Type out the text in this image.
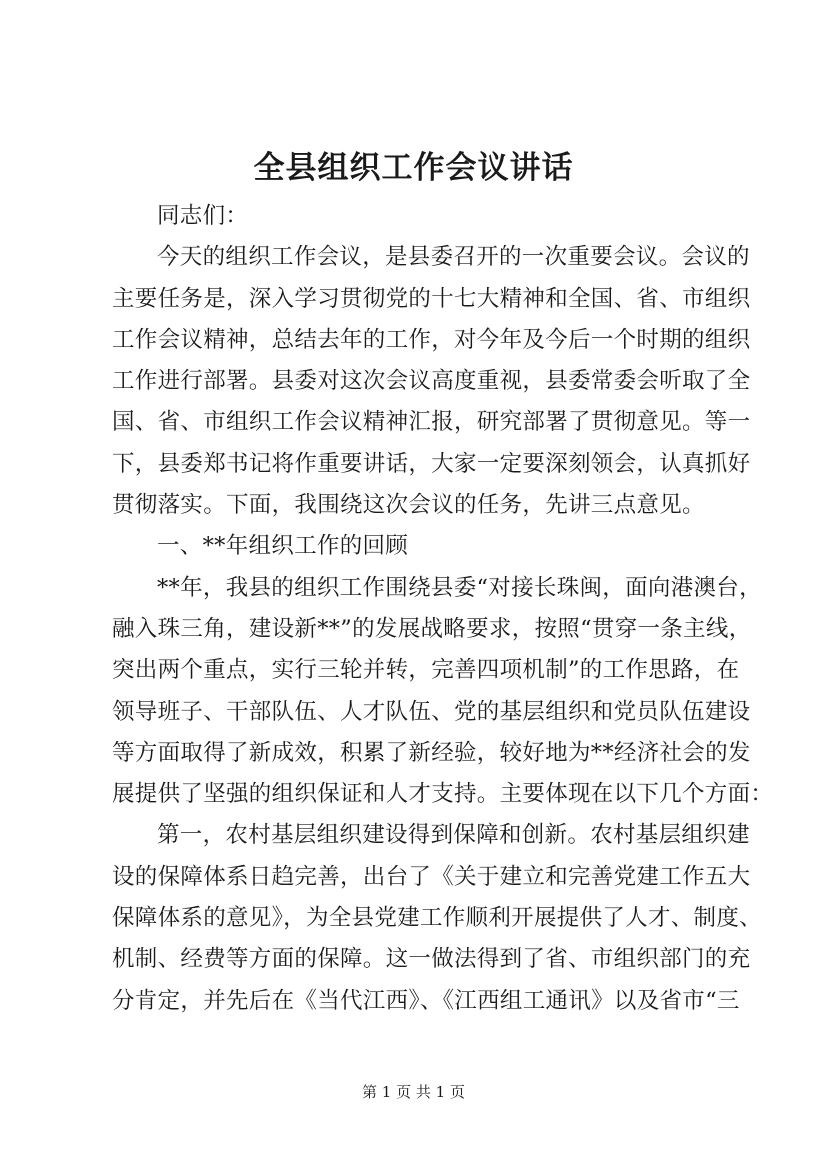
全县组织工作会议讲话
同志们：
今天的组织工作会议，是县委召开的一次重要会议。会议的
主要任务是，深入学习贯彻党的十七大精神和全国、省、市组织
工作会议精神，总结去年的工作，对今年及今后一个时期的组织
工作进行部署。县委对这次会议高度重视，县委常委会听取了全
国、省、市组织工作会议精神汇报，研究部署了贯彻意见。等一
下，县委郑书记将作重要讲话，大家一定要深刻领会，认真抓好
贯彻落实。下面，我围绕这次会议的任务，先讲三点意见。
一、**年组织工作的回顾
**年，我县的组织工作围绕县委“对接长珠闽，面向港澳台，
融入珠三角，建设新**”的发展战略要求，按照“贯穿一条主线，
突出两个重点，实行三轮并转，完善四项机制”的工作思路，在
领导班子、干部队伍、人才队伍、党的基层组织和党员队伍建设
等方面取得了新成效，积累了新经验，较好地为**经济社会的发
展提供了坚强的组织保证和人才支持。主要体现在以下几个方面：
第一，农村基层组织建设得到保障和创新。农村基层组织建
设的保障体系日趋完善，出台了《关于建立和完善党建工作五大
保障体系的意见》，为全县党建工作顺利开展提供了人才、制度、
机制、经费等方面的保障。这一做法得到了省、市组织部门的充
分肯定，并先后在《当代江西》、《江西组工通讯》以及省市“三
第 1 页 共 1 页
